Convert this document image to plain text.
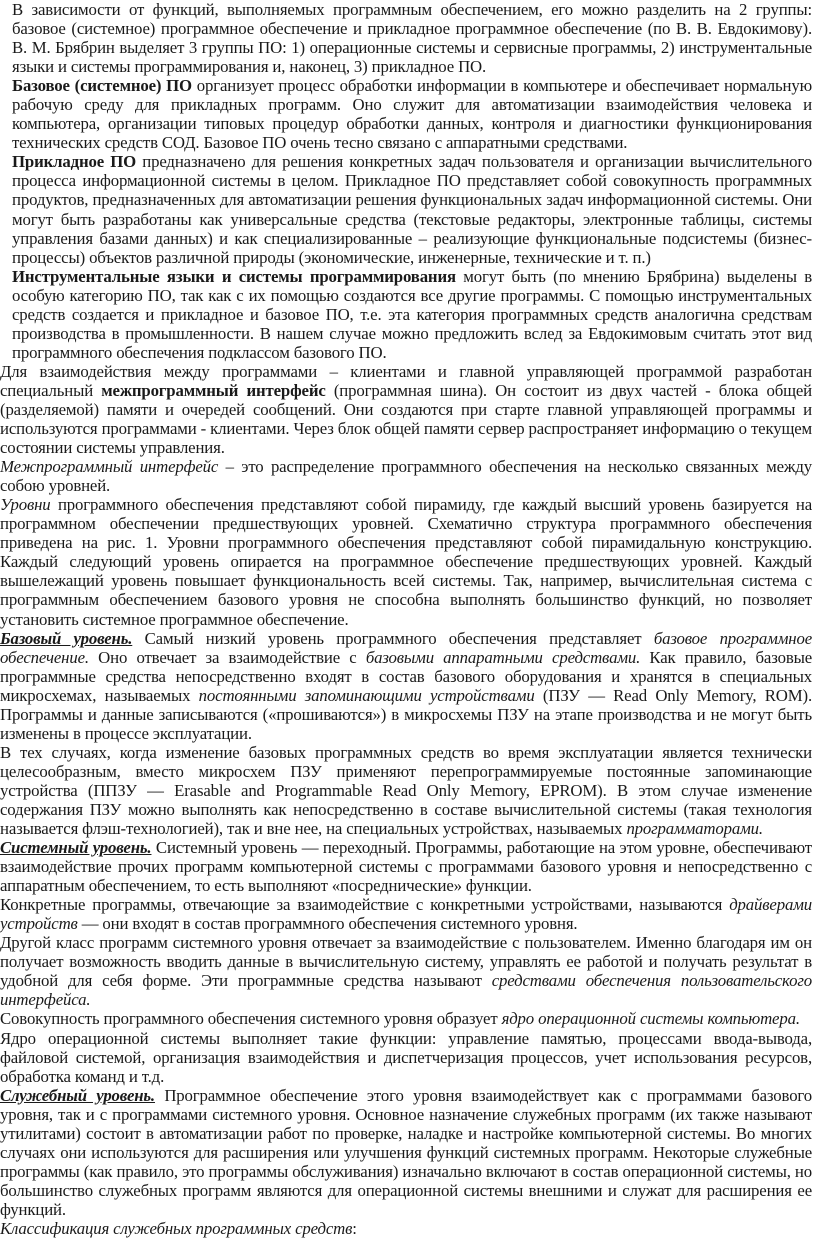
В зависимости от функций, выполняемых программным обеспечением, его можно разделить на 2 группы: базовое (системное) программное обеспечение и прикладное программное обеспечение (по В. В. Евдокимову). В. М. Брябрин выделяет 3 группы ПО: 1) операционные системы и сервисные программы, 2) инструментальные языки и системы программирования и, наконец, 3) прикладное ПО.

Базовое (системное) ПО организует процесс обработки информации в компьютере и обеспечивает нормальную рабочую среду для прикладных программ. Оно служит для автоматизации взаимодействия человека и компьютера, организации типовых процедур обработки данных, контроля и диагностики функционирования технических средств СОД. Базовое ПО очень тесно связано с аппаратными средствами.

Прикладное ПО предназначено для решения конкретных задач пользователя и организации вычислительного процесса информационной системы в целом. Прикладное ПО представляет собой совокупность программных продуктов, предназначенных для автоматизации решения функциональных задач информационной системы. Они могут быть разработаны как универсальные средства (текстовые редакторы, электронные таблицы, системы управления базами данных) и как специализированные – реализующие функциональные подсистемы (бизнес-процессы) объектов различной природы (экономические, инженерные, технические и т. п.)

Инструментальные языки и системы программирования могут быть (по мнению Брябрина) выделены в особую категорию ПО, так как с их помощью создаются все другие программы. С помощью инструментальных средств создается и прикладное и базовое ПО, т.е. эта категория программных средств аналогична средствам производства в промышленности. В нашем случае можно предложить вслед за Евдокимовым считать этот вид программного обеспечения подклассом базового ПО.

Для взаимодействия между программами – клиентами и главной управляющей программой разработан специальный межпрограммный интерфейс (программная шина). Он состоит из двух частей - блока общей (разделяемой) памяти и очередей сообщений. Они создаются при старте главной управляющей программы и используются программами - клиентами. Через блок общей памяти сервер распространяет информацию о текущем состоянии системы управления.

Межпрограммный интерфейс – это распределение программного обеспечения на несколько связанных между собою уровней.

Уровни программного обеспечения представляют собой пирамиду, где каждый высший уровень базируется на программном обеспечении предшествующих уровней. Схематично структура программного обеспечения приведена на рис. 1. Уровни программного обеспечения представляют собой пирамидальную конструкцию. Каждый следующий уровень опирается на программное обеспечение предшествующих уровней. Каждый вышележащий уровень повышает функциональность всей системы. Так, например, вычислительная система с программным обеспечением базового уровня не способна выполнять большинство функций, но позволяет установить системное программное обеспечение.

Базовый уровень. Самый низкий уровень программного обеспечения представляет базовое программное обеспечение. Оно отвечает за взаимодействие с базовыми аппаратными средствами. Как правило, базовые программные средства непосредственно входят в состав базового оборудования и хранятся в специальных микросхемах, называемых постоянными запоминающими устройствами (ПЗУ — Read Only Memory, ROM). Программы и данные записываются («прошиваются») в микросхемы ПЗУ на этапе производства и не могут быть изменены в процессе эксплуатации.

В тех случаях, когда изменение базовых программных средств во время эксплуатации является технически целесообразным, вместо микросхем ПЗУ применяют перепрограммируемые постоянные запоминающие устройства (ППЗУ — Erasable and Programmable Read Only Memory, EPROM). В этом случае изменение содержания ПЗУ можно выполнять как непосредственно в составе вычислительной системы (такая технология называется флэш-технологией), так и вне нее, на специальных устройствах, называемых программаторами.

Системный уровень. Системный уровень — переходный. Программы, работающие на этом уровне, обеспечивают взаимодействие прочих программ компьютерной системы с программами базового уровня и непосредственно с аппаратным обеспечением, то есть выполняют «посреднические» функции.

Конкретные программы, отвечающие за взаимодействие с конкретными устройствами, называются драйверами устройств — они входят в состав программного обеспечения системного уровня.

Другой класс программ системного уровня отвечает за взаимодействие с пользователем. Именно благодаря им он получает возможность вводить данные в вычислительную систему, управлять ее работой и получать результат в удобной для себя форме. Эти программные средства называют средствами обеспечения пользовательского интерфейса.

Совокупность программного обеспечения системного уровня образует ядро операционной системы компьютера.

Ядро операционной системы выполняет такие функции: управление памятью, процессами ввода-вывода, файловой системой, организация взаимодействия и диспетчеризация процессов, учет использования ресурсов, обработка команд и т.д.

Служебный уровень. Программное обеспечение этого уровня взаимодействует как с программами базового уровня, так и с программами системного уровня. Основное назначение служебных программ (их также называют утилитами) состоит в автоматизации работ по проверке, наладке и настройке компьютерной системы. Во многих случаях они используются для расширения или улучшения функций системных программ. Некоторые служебные программы (как правило, это программы обслуживания) изначально включают в состав операционной системы, но большинство служебных программ являются для операционной системы внешними и служат для расширения ее функций.

Классификация служебных программных средств:
